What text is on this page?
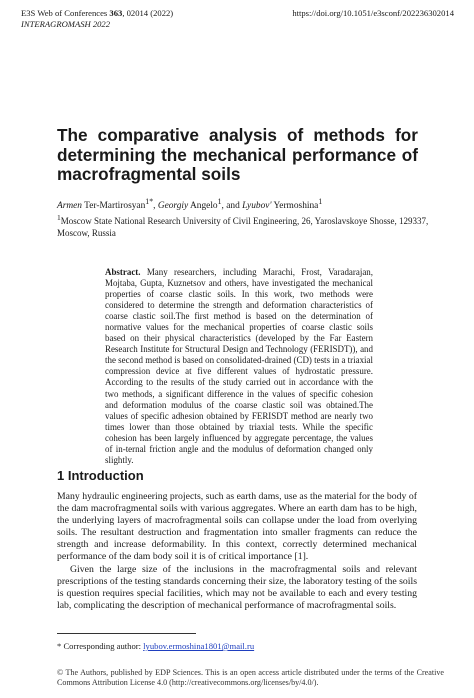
E3S Web of Conferences 363, 02014 (2022)	https://doi.org/10.1051/e3sconf/202236302014
INTERAGROMASH 2022
The comparative analysis of methods for determining the mechanical performance of macrofragmental soils
Armen Ter-Martirosyan$^{1*}$, Georgiy Angelo$^1$, and Lyubov' Yermoshina$^1$
$^1$Moscow State National Research University of Civil Engineering, 26, Yaroslavskoye Shosse, 129337, Moscow, Russia

Abstract. Many researchers, including Marachi, Frost, Varadarajan, Mojtaba, Gupta, Kuznetsov and others, have investigated the mechanical properties of coarse clastic soils. In this work, two methods were considered to determine the strength and deformation characteristics of coarse clastic soil.The first method is based on the determination of normative values for the mechanical properties of coarse clastic soils based on their physical characteristics (developed by the Far Eastern Research Institute for Structural Design and Technology (FERISDT)), and the second method is based on consolidated-drained (CD) tests in a triaxial compression device at five different values of hydrostatic pressure. According to the results of the study carried out in accordance with the two methods, a significant difference in the values of specific cohesion and deformation modulus of the coarse clastic soil was obtained.The values of specific adhesion obtained by FERISDT method are nearly two times lower than those obtained by triaxial tests. While the specific cohesion has been largely influenced by aggregate percentage, the values of in-ternal friction angle and the modulus of deformation changed only slightly.

1 Introduction

Many hydraulic engineering projects, such as earth dams, use as the material for the body of the dam macrofragmental soils with various aggregates. Where an earth dam has to be high, the underlying layers of macrofragmental soils can collapse under the load from overlying soils. The resultant destruction and fragmentation into smaller fragments can reduce the strength and increase deformability. In this context, correctly determined mechanical performance of the dam body soil it is of critical importance [1].

Given the large size of the inclusions in the macrofragmental soils and relevant prescriptions of the testing standards concerning their size, the laboratory testing of the soils is question requires special facilities, which may not be available to each and every testing lab, complicating the description of mechanical performance of macrofragmental soils.

* Corresponding author: lyubov.ermoshina1801@mail.ru
© The Authors, published by EDP Sciences. This is an open access article distributed under the terms of the Creative Commons Attribution License 4.0 (http://creativecommons.org/licenses/by/4.0/).
